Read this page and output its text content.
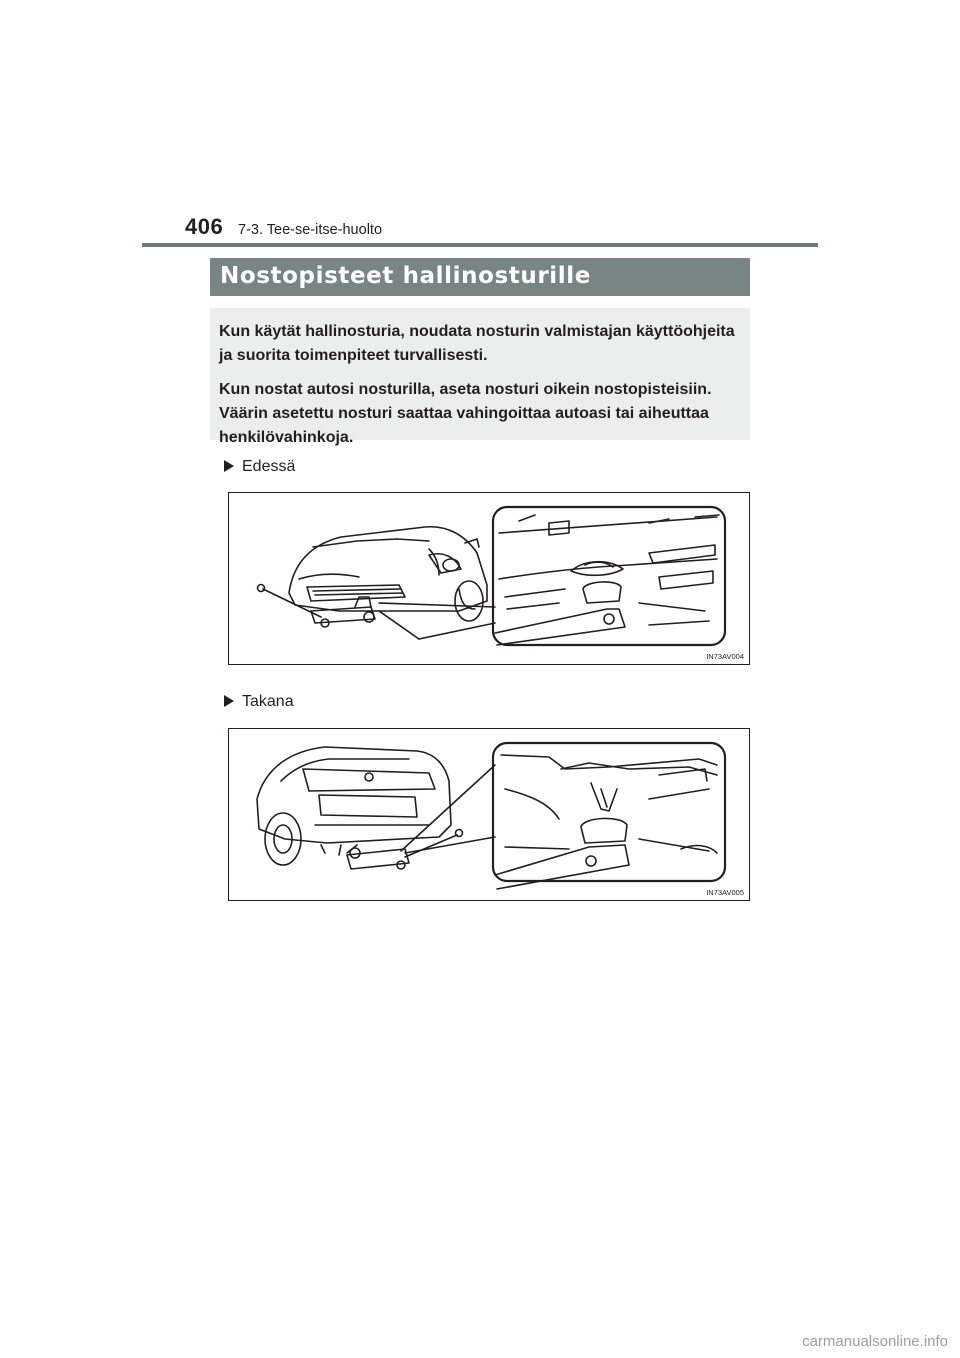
406 7-3. Tee-se-itse-huolto
Nostopisteet hallinosturille

Kun käytät hallinosturia, noudata nosturin valmistajan käyttöohjeita ja suorita toimenpiteet turvallisesti.

Kun nostat autosi nosturilla, aseta nosturi oikein nostopisteisiin. Väärin asetettu nosturi saattaa vahingoittaa autoasi tai aiheuttaa henkilövahinkoja.

Edessä
IN73AV004
Takana
IN73AV005
carmanualsonline.info
